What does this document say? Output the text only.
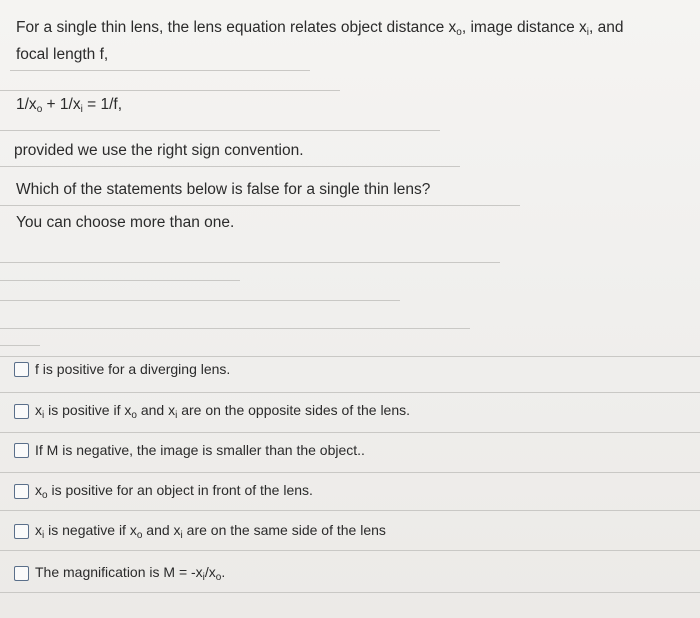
For a single thin lens, the lens equation relates object distance $x_o$, image distance $x_i$, and
focal length f,
$1/x_o + 1/x_i = 1/f$,
provided we use the right sign convention.
Which of the statements below is false for a single thin lens?
You can choose more than one.
f is positive for a diverging lens.
$x_i$ is positive if $x_o$ and $x_i$ are on the opposite sides of the lens.
If M is negative, the image is smaller than the object..
$x_o$ is positive for an object in front of the lens.
$x_i$ is negative if $x_o$ and $x_i$ are on the same side of the lens
The magnification is $M = -x_i/x_o$.
